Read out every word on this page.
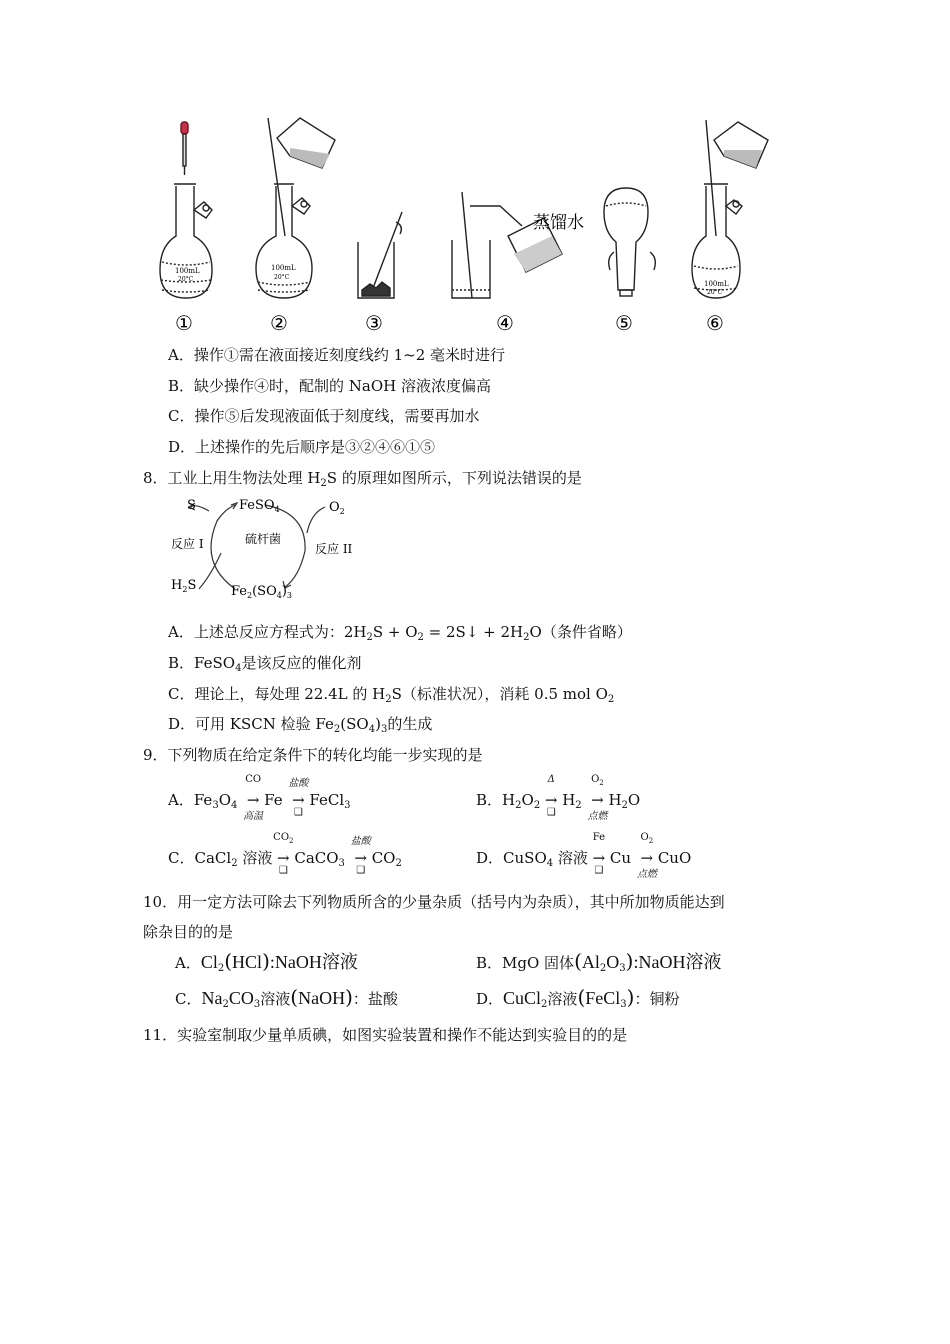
100mL
20°C
100mL
20°C
蒸馏水
100mL
20°C
①	②	③	④	⑤	⑥
A．操作①需在液面接近刻度线约 1~2 毫米时进行
B．缺少操作④时，配制的 NaOH 溶液浓度偏高
C．操作⑤后发现液面低于刻度线，需要再加水
D．上述操作的先后顺序是③②④⑥①⑤
8．工业上用生物法处理 $H_2S$ 的原理如图所示，下列说法错误的是
S	FeSO$_4$	$O_2$
反应 I	硫杆菌
反应 II
$H_2S$	$Fe_2(SO_4)_3$
A．上述总反应方程式为：$2H_2S + O_2$ = 2S↓ + $2H_2O$（条件省略）
B．FeSO$_4$是该反应的催化剂
C．理论上，每处理 22.4L 的 $H_2S$（标准状况），消耗 0.5 mol $O_2$
D．可用 KSCN 检验 $Fe_2(SO_4)_3$的生成
9．下列物质在给定条件下的转化均能一步实现的是
A．$Fe_3O_4$
CO
→
高温
Fe
盐酸
→
❑
FeCl$_3$	B．$H_2O_2$
Δ
→
❑
$H_2$
$O_2$
→
点燃
$H_2O$
C．CaCl$_2$ 溶液
$CO_2$
→
❑
CaCO$_3$
盐酸
→
❑
$CO_2$	D．CuSO$_4$ 溶液
Fe
→
❑
Cu
$O_2$
→
点燃
CuO
10．用一定方法可除去下列物质所含的少量杂质（括号内为杂质），其中所加物质能达到
除杂目的的是
A．$Cl_2(HCl):NaOH$溶液	B．MgO 固体$(Al_2O_3):NaOH$溶液
C．$Na_2CO_3$溶液(NaOH)：盐酸	D．CuCl$_2$溶液(FeCl$_3$)：铜粉
11．实验室制取少量单质碘，如图实验装置和操作不能达到实验目的的是
